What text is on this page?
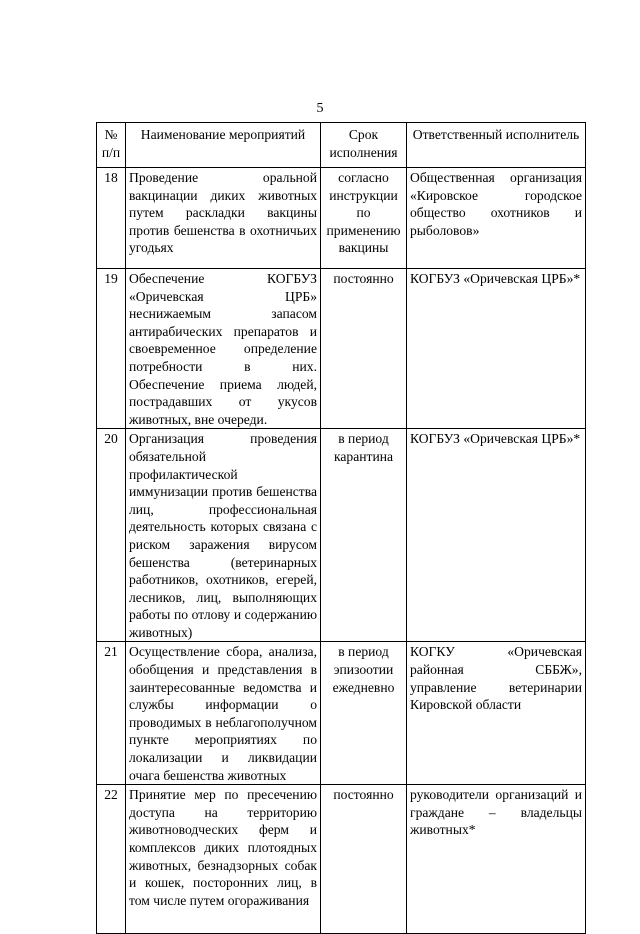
5
№ п/п	Наименование мероприятий	Срок исполнения	Ответственный исполнитель
18	Проведение оральной вакцинации диких животных путем раскладки вакцины против бешенства в охотничьих угодьях	согласно инструкции по применению вакцины	Общественная организация «Кировское городское общество охотников и рыболовов»
19	Обеспечение КОГБУЗ «Оричевская ЦРБ» неснижаемым запасом антирабических препаратов и своевременное определение потребности в них. Обеспечение приема людей, пострадавших от укусов животных, вне очереди.	постоянно	КОГБУЗ «Оричевская ЦРБ»*
20	Организация проведения обязательной профилактической иммунизации против бешенства лиц, профессиональная деятельность которых связана с риском заражения вирусом бешенства (ветеринарных работников, охотников, егерей, лесников, лиц, выполняющих работы по отлову и содержанию животных)	в период карантина	КОГБУЗ «Оричевская ЦРБ»*
21	Осуществление сбора, анализа, обобщения и представления в заинтересованные ведомства и службы информации о проводимых в неблагополучном пункте мероприятиях по локализации и ликвидации очага бешенства животных	в период эпизоотии ежедневно	КОГКУ «Оричевская районная СББЖ», управление ветеринарии Кировской области
22	Принятие мер по пресечению доступа на территорию животноводческих ферм и комплексов диких плотоядных животных, безнадзорных собак и кошек, посторонних лиц, в том числе путем огораживания	постоянно	руководители организаций и граждане – владельцы животных*
